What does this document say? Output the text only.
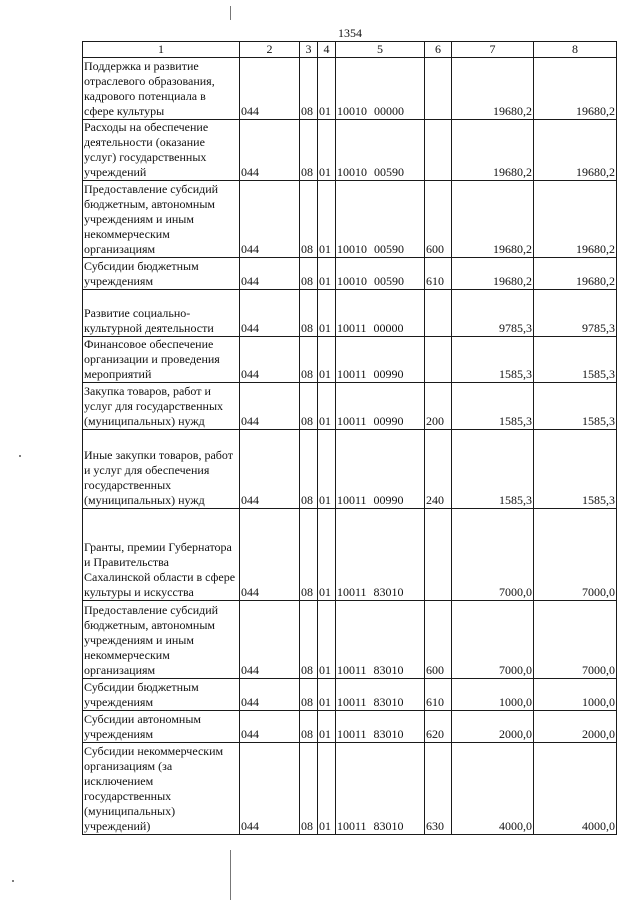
1354
1	2	3	4	5	6	7	8
Поддержка и развитие отраслевого образования, кадрового потенциала в сфере культуры	044	08	01	10010 00000		19680,2	19680,2
Расходы на обеспечение деятельности (оказание услуг) государственных учреждений	044	08	01	10010 00590		19680,2	19680,2
Предоставление субсидий бюджетным, автономным учреждениям и иным некоммерческим организациям	044	08	01	10010 00590	600	19680,2	19680,2
Субсидии бюджетным учреждениям	044	08	01	10010 00590	610	19680,2	19680,2
Развитие социально-культурной деятельности	044	08	01	10011 00000		9785,3	9785,3
Финансовое обеспечение организации и проведения мероприятий	044	08	01	10011 00990		1585,3	1585,3
Закупка товаров, работ и услуг для государственных (муниципальных) нужд	044	08	01	10011 00990	200	1585,3	1585,3
Иные закупки товаров, работ и услуг для обеспечения государственных (муниципальных) нужд	044	08	01	10011 00990	240	1585,3	1585,3
Гранты, премии Губернатора и Правительства Сахалинской области в сфере культуры и искусства	044	08	01	10011 83010		7000,0	7000,0
Предоставление субсидий бюджетным, автономным учреждениям и иным некоммерческим организациям	044	08	01	10011 83010	600	7000,0	7000,0
Субсидии бюджетным учреждениям	044	08	01	10011 83010	610	1000,0	1000,0
Субсидии автономным учреждениям	044	08	01	10011 83010	620	2000,0	2000,0
Субсидии некоммерческим организациям (за исключением государственных (муниципальных) учреждений)	044	08	01	10011 83010	630	4000,0	4000,0
